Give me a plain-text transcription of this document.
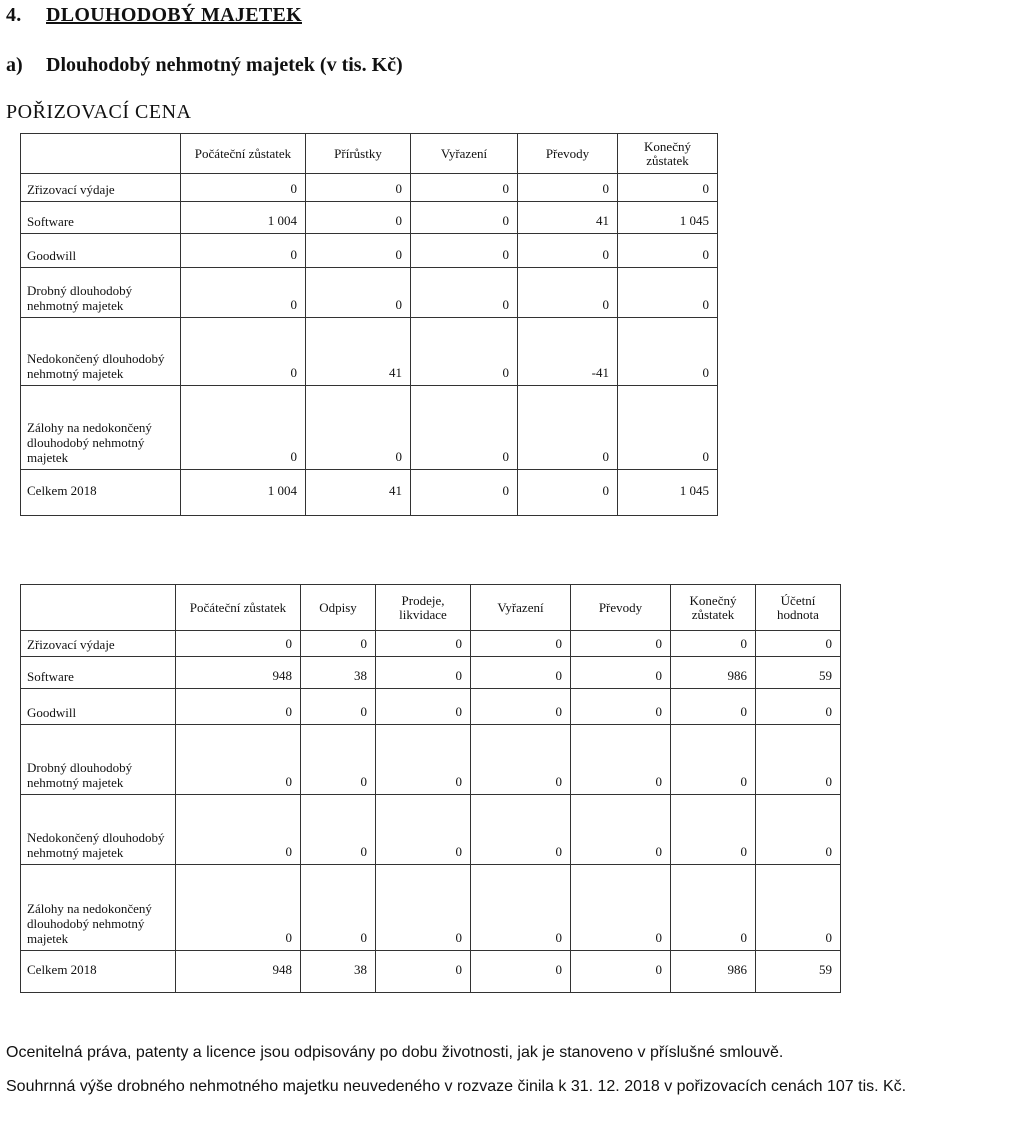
4. DLOUHODOBÝ MAJETEK
a) Dlouhodobý nehmotný majetek (v tis. Kč)
POŘIZOVACÍ CENA
	Počáteční zůstatek	Přírůstky	Vyřazení	Převody	Konečný zůstatek
Zřizovací výdaje	0	0	0	0	0
Software	1 004	0	0	41	1 045
Goodwill	0	0	0	0	0
Drobný dlouhodobý nehmotný majetek	0	0	0	0	0
Nedokončený dlouhodobý nehmotný majetek	0	41	0	-41	0
Zálohy na nedokončený dlouhodobý nehmotný majetek	0	0	0	0	0
Celkem 2018	1 004	41	0	0	1 045
	Počáteční zůstatek	Odpisy	Prodeje, likvidace	Vyřazení	Převody	Konečný zůstatek	Účetní hodnota
Zřizovací výdaje	0	0	0	0	0	0	0
Software	948	38	0	0	0	986	59
Goodwill	0	0	0	0	0	0	0
Drobný dlouhodobý nehmotný majetek	0	0	0	0	0	0	0
Nedokončený dlouhodobý nehmotný majetek	0	0	0	0	0	0	0
Zálohy na nedokončený dlouhodobý nehmotný majetek	0	0	0	0	0	0	0
Celkem 2018	948	38	0	0	0	986	59
Ocenitelná práva, patenty a licence jsou odpisovány po dobu životnosti, jak je stanoveno v příslušné smlouvě.
Souhrnná výše drobného nehmotného majetku neuvedeného v rozvaze činila k 31. 12. 2018 v pořizovacích cenách 107 tis. Kč.
